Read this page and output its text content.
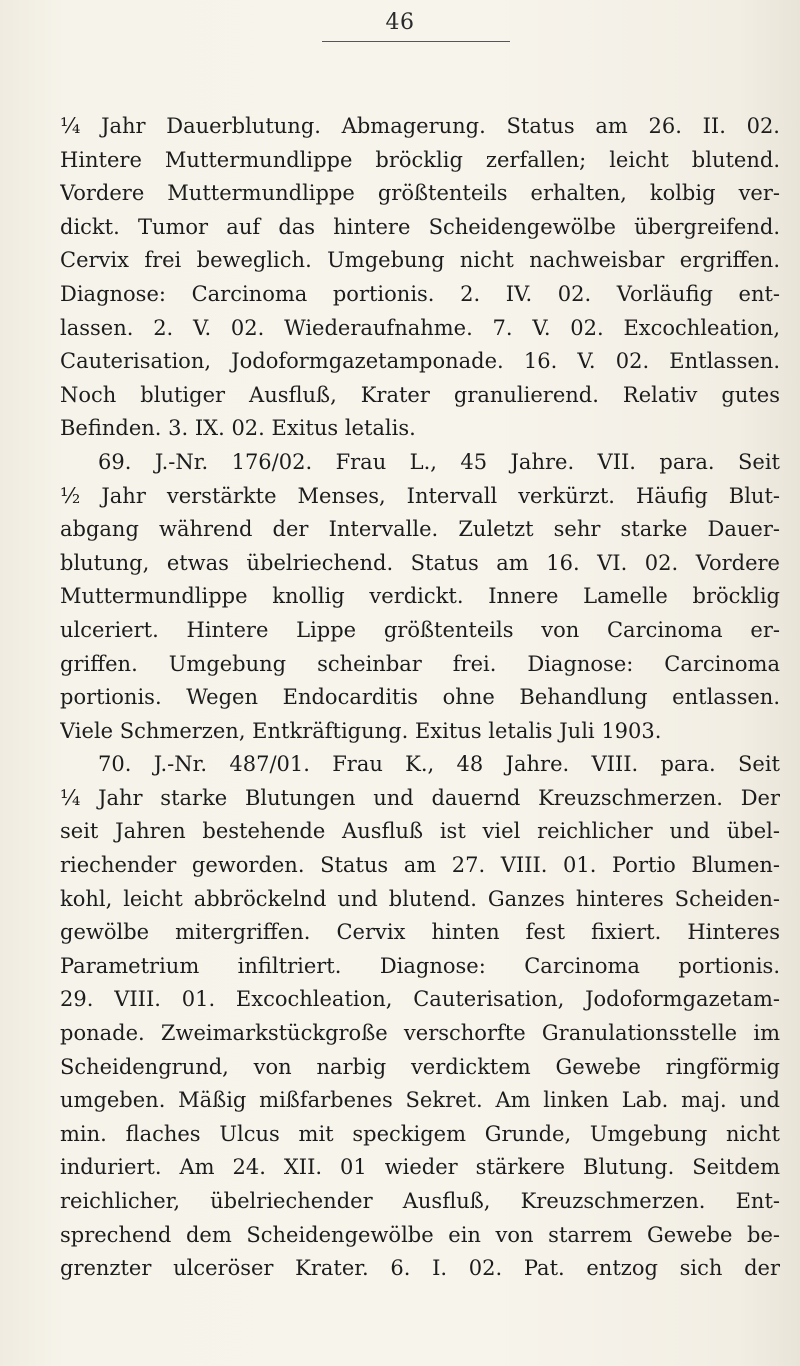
46
¼ Jahr Dauerblutung. Abmagerung. Status am 26. II. 02.
Hintere Muttermundlippe bröcklig zerfallen; leicht blutend.
Vordere Muttermundlippe größtenteils erhalten, kolbig ver-
dickt. Tumor auf das hintere Scheidengewölbe übergreifend.
Cervix frei beweglich. Umgebung nicht nachweisbar ergriffen.
Diagnose: Carcinoma portionis. 2. IV. 02. Vorläufig ent-
lassen. 2. V. 02. Wiederaufnahme. 7. V. 02. Excochleation,
Cauterisation, Jodoformgazetamponade. 16. V. 02. Entlassen.
Noch blutiger Ausfluß, Krater granulierend. Relativ gutes
Befinden. 3. IX. 02. Exitus letalis.
69. J.-Nr. 176/02. Frau L., 45 Jahre. VII. para. Seit
½ Jahr verstärkte Menses, Intervall verkürzt. Häufig Blut-
abgang während der Intervalle. Zuletzt sehr starke Dauer-
blutung, etwas übelriechend. Status am 16. VI. 02. Vordere
Muttermundlippe knollig verdickt. Innere Lamelle bröcklig
ulceriert. Hintere Lippe größtenteils von Carcinoma er-
griffen. Umgebung scheinbar frei. Diagnose: Carcinoma
portionis. Wegen Endocarditis ohne Behandlung entlassen.
Viele Schmerzen, Entkräftigung. Exitus letalis Juli 1903.
70. J.-Nr. 487/01. Frau K., 48 Jahre. VIII. para. Seit
¼ Jahr starke Blutungen und dauernd Kreuzschmerzen. Der
seit Jahren bestehende Ausfluß ist viel reichlicher und übel-
riechender geworden. Status am 27. VIII. 01. Portio Blumen-
kohl, leicht abbröckelnd und blutend. Ganzes hinteres Scheiden-
gewölbe mitergriffen. Cervix hinten fest fixiert. Hinteres
Parametrium infiltriert. Diagnose: Carcinoma portionis.
29. VIII. 01. Excochleation, Cauterisation, Jodoformgazetam-
ponade. Zweimarkstückgroße verschorfte Granulationsstelle im
Scheidengrund, von narbig verdicktem Gewebe ringförmig
umgeben. Mäßig mißfarbenes Sekret. Am linken Lab. maj. und
min. flaches Ulcus mit speckigem Grunde, Umgebung nicht
induriert. Am 24. XII. 01 wieder stärkere Blutung. Seitdem
reichlicher, übelriechender Ausfluß, Kreuzschmerzen. Ent-
sprechend dem Scheidengewölbe ein von starrem Gewebe be-
grenzter ulceröser Krater. 6. I. 02. Pat. entzog sich der
